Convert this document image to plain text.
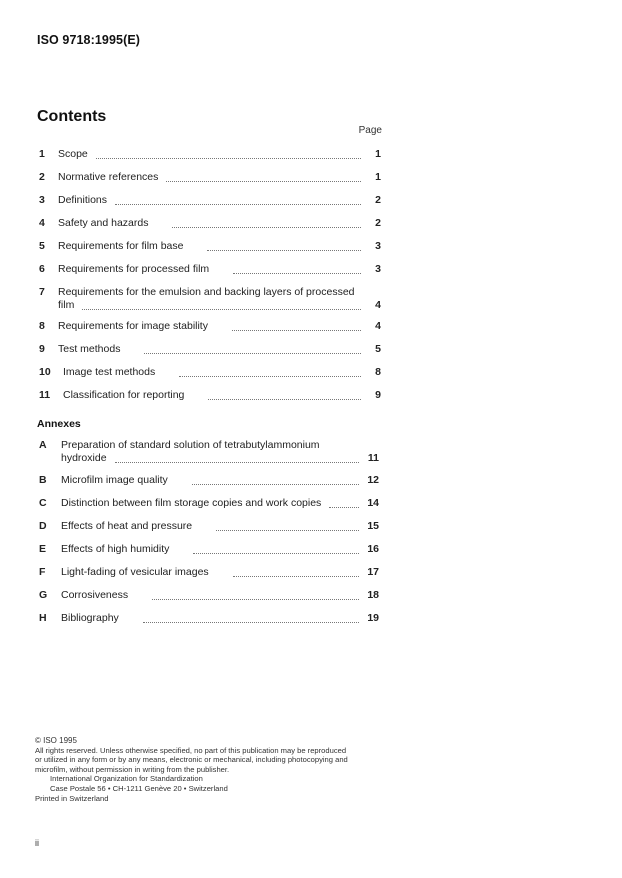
ISO 9718:1995(E)
Contents
Page
1 Scope	1
2 Normative references	1
3 Definitions	2
4 Safety and hazards	2
5 Requirements for film base	3
6 Requirements for processed film	3
7 Requirements for the emulsion and backing layers of processed
film	4
8 Requirements for image stability	4
9 Test methods	5
10 Image test methods	8
11 Classification for reporting	9
Annexes
A Preparation of standard solution of tetrabutylammonium
hydroxide	11
B Microfilm image quality	12
C Distinction between film storage copies and work copies	14
D Effects of heat and pressure	15
E Effects of high humidity	16
F Light-fading of vesicular images	17
G Corrosiveness	18
H Bibliography	19
© ISO 1995
All rights reserved. Unless otherwise specified, no part of this publication may be reproduced
or utilized in any form or by any means, electronic or mechanical, including photocopying and
microfilm, without permission in writing from the publisher.
International Organization for Standardization
Case Postale 56 • CH-1211 Genève 20 • Switzerland
Printed in Switzerland
ii
